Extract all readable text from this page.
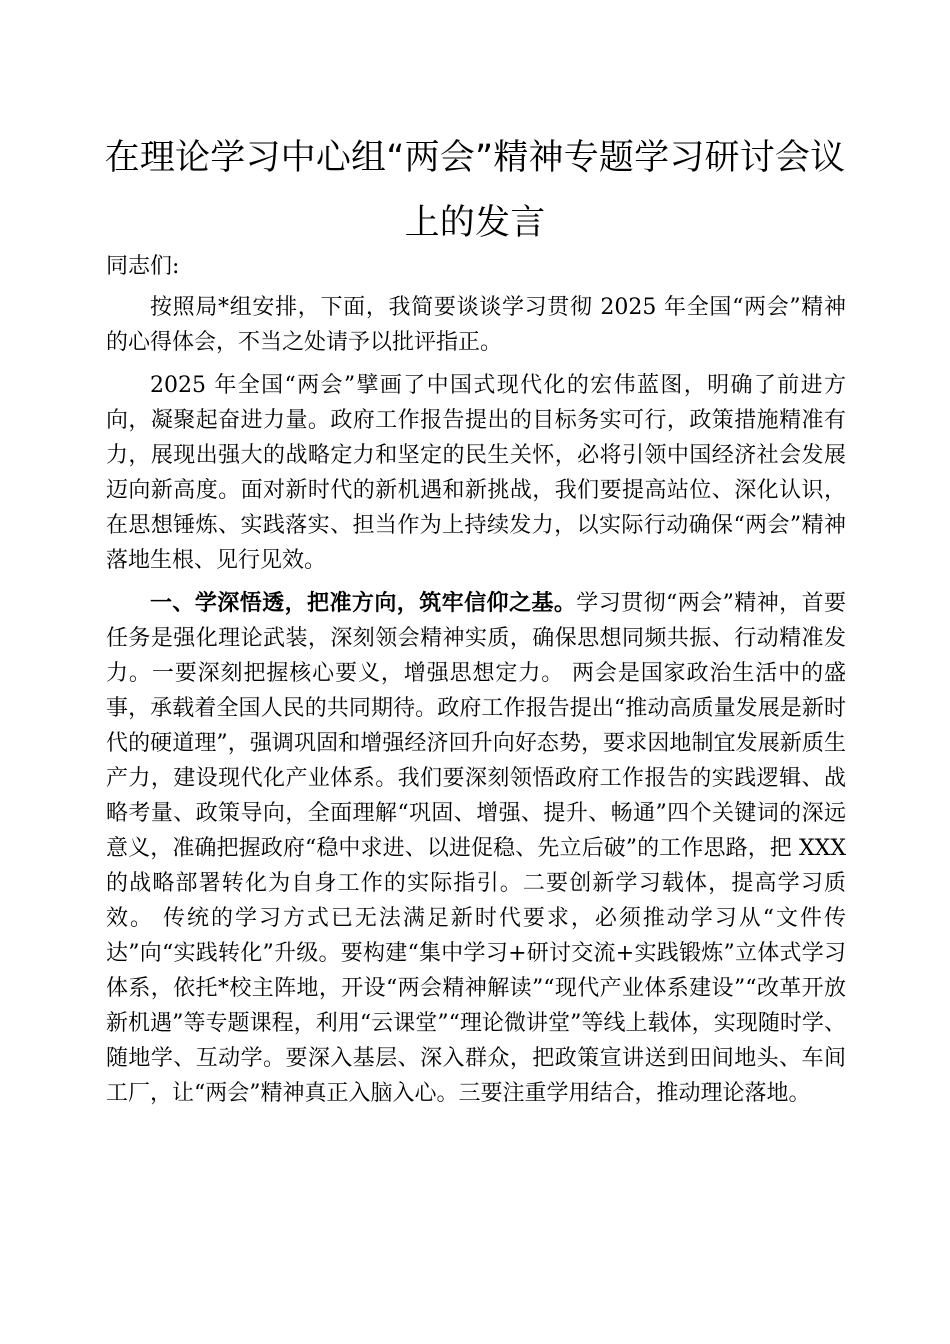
在理论学习中心组“两会”精神专题学习研讨会议上的发言

同志们:

按照局*组安排，下面，我简要谈谈学习贯彻 2025 年全国“两会”精神的心得体会，不当之处请予以批评指正。

2025 年全国“两会”擘画了中国式现代化的宏伟蓝图，明确了前进方向，凝聚起奋进力量。政府工作报告提出的目标务实可行，政策措施精准有力，展现出强大的战略定力和坚定的民生关怀，必将引领中国经济社会发展迈向新高度。面对新时代的新机遇和新挑战，我们要提高站位、深化认识，在思想锤炼、实践落实、担当作为上持续发力，以实际行动确保“两会”精神落地生根、见行见效。

一、学深悟透，把准方向，筑牢信仰之基。学习贯彻“两会”精神，首要任务是强化理论武装，深刻领会精神实质，确保思想同频共振、行动精准发力。一要深刻把握核心要义，增强思想定力。 两会是国家政治生活中的盛事，承载着全国人民的共同期待。政府工作报告提出“推动高质量发展是新时代的硬道理”，强调巩固和增强经济回升向好态势，要求因地制宜发展新质生产力，建设现代化产业体系。我们要深刻领悟政府工作报告的实践逻辑、战略考量、政策导向，全面理解“巩固、增强、提升、畅通”四个关键词的深远意义，准确把握政府“稳中求进、以进促稳、先立后破”的工作思路，把 XXX 的战略部署转化为自身工作的实际指引。二要创新学习载体，提高学习质效。 传统的学习方式已无法满足新时代要求，必须推动学习从“文件传达”向“实践转化”升级。要构建“集中学习+研讨交流+实践锻炼”立体式学习体系，依托*校主阵地，开设“两会精神解读”“现代产业体系建设”“改革开放新机遇”等专题课程，利用“云课堂”“理论微讲堂”等线上载体，实现随时学、随地学、互动学。要深入基层、深入群众，把政策宣讲送到田间地头、车间工厂，让“两会”精神真正入脑入心。三要注重学用结合，推动理论落地。
